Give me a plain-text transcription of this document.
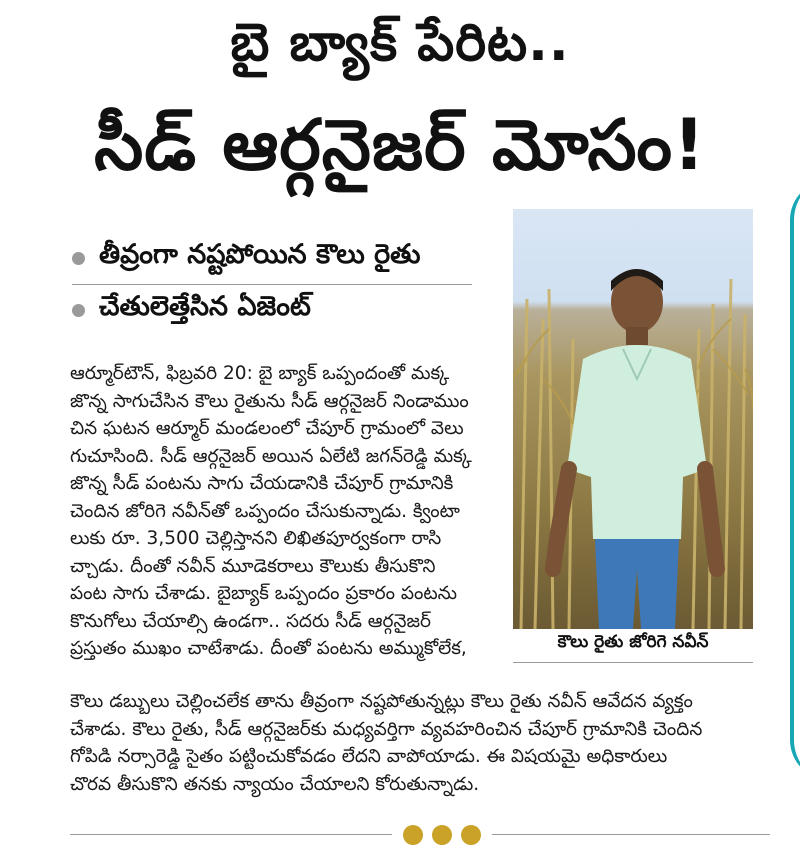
బై బ్యాక్ పేరిట..
సీడ్ ఆర్గనైజర్ మోసం!
తీవ్రంగా నష్టపోయిన కౌలు రైతు
చేతులెత్తేసిన ఏజెంట్
కౌలు రైతు జోరిగె నవీన్
ఆర్మూర్‌టౌన్, ఫిబ్రవరి 20: బై బ్యాక్ ఒప్పందంతో మక్క
జొన్న సాగుచేసిన కౌలు రైతును సీడ్ ఆర్గనైజర్ నిండాముం
చిన ఘటన ఆర్మూర్ మండలంలో చేపూర్ గ్రామంలో వెలు
గుచూసింది. సీడ్ ఆర్గనైజర్ అయిన ఏలేటి జగన్‌రెడ్డి మక్క
జొన్న సీడ్ పంటను సాగు చేయడానికి చేపూర్ గ్రామానికి
చెందిన జోరిగె నవీన్‌తో ఒప్పందం చేసుకున్నాడు. క్వింటా
లుకు రూ. 3,500 చెల్లిస్తానని లిఖితపూర్వకంగా రాసి
చ్చాడు. దీంతో నవీన్ మూడెకరాలు కౌలుకు తీసుకొని
పంట సాగు చేశాడు. బైబ్యాక్ ఒప్పందం ప్రకారం పంటను
కొనుగోలు చేయాల్సి ఉండగా.. సదరు సీడ్ ఆర్గనైజర్
ప్రస్తుతం ముఖం చాటేశాడు. దీంతో పంటను అమ్ముకోలేక,
కౌలు డబ్బులు చెల్లించలేక తాను తీవ్రంగా నష్టపోతున్నట్లు కౌలు రైతు నవీన్ ఆవేదన వ్యక్తం
చేశాడు. కౌలు రైతు, సీడ్ ఆర్గనైజర్‌కు మధ్యవర్తిగా వ్యవహరించిన చేపూర్ గ్రామానికి చెందిన
గోపిడి నర్సారెడ్డి సైతం పట్టించుకోవడం లేదని వాపోయాడు. ఈ విషయమై అధికారులు
చొరవ తీసుకొని తనకు న్యాయం చేయాలని కోరుతున్నాడు.
